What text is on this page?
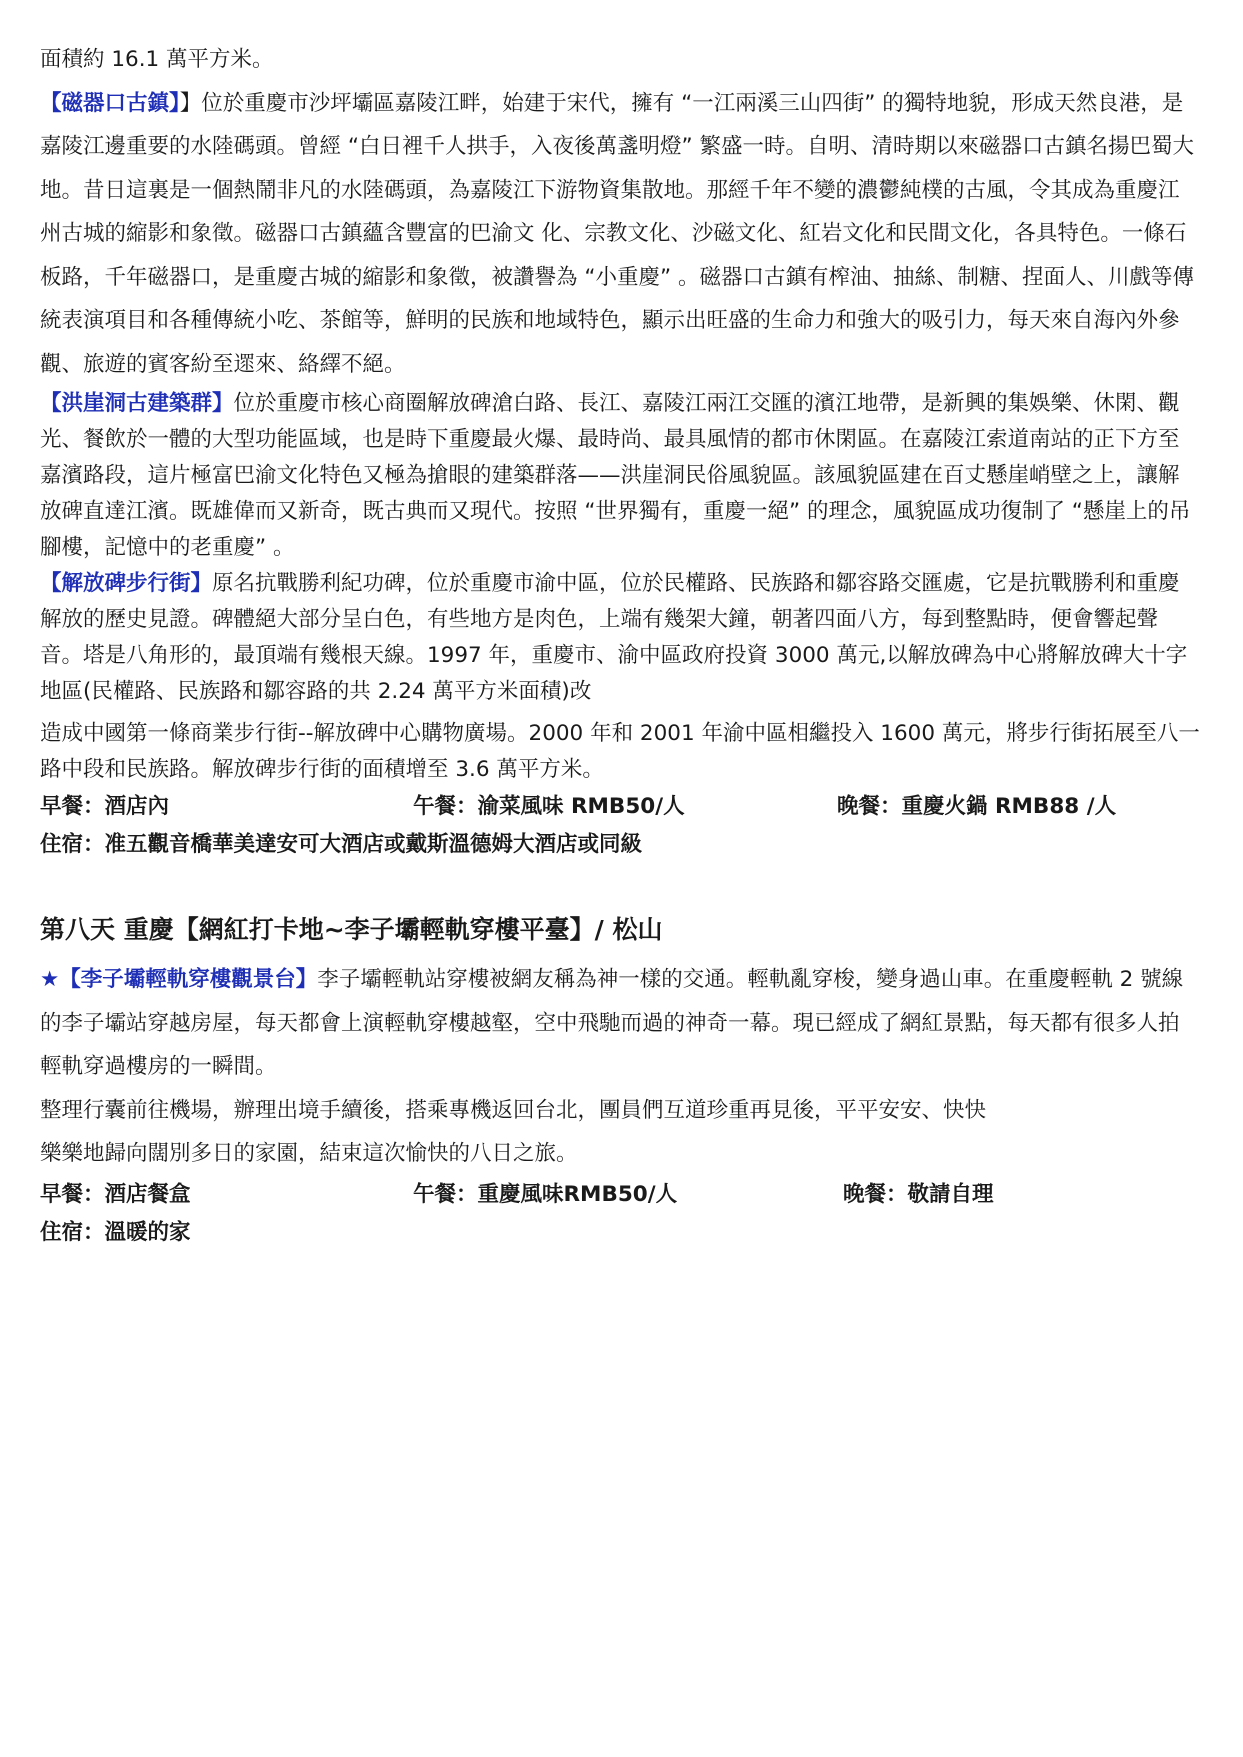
面積約 16.1 萬平方米。

【磁器口古鎮】】位於重慶市沙坪壩區嘉陵江畔，始建于宋代，擁有 “一江兩溪三山四街” 的獨特地貌，形成天然良港，是嘉陵江邊重要的水陸碼頭。曾經 “白日裡千人拱手，入夜後萬盞明燈” 繁盛一時。自明、清時期以來磁器口古鎮名揚巴蜀大地。昔日這裏是一個熱鬧非凡的水陸碼頭，為嘉陵江下游物資集散地。那經千年不變的濃鬱純樸的古風，令其成為重慶江州古城的縮影和象徵。磁器口古鎮蘊含豐富的巴渝文 化、宗教文化、沙磁文化、紅岩文化和民間文化，各具特色。一條石板路，千年磁器口，是重慶古城的縮影和象徵，被讚譽為 “小重慶” 。磁器口古鎮有榨油、抽絲、制糖、捏面人、川戲等傳統表演項目和各種傳統小吃、茶館等，鮮明的民族和地域特色，顯示出旺盛的生命力和強大的吸引力，每天來自海內外參觀、旅遊的賓客紛至遝來、絡繹不絕。

【洪崖洞古建築群】位於重慶市核心商圈解放碑滄白路、長江、嘉陵江兩江交匯的濱江地帶，是新興的集娛樂、休閑、觀光、餐飲於一體的大型功能區域，也是時下重慶最火爆、最時尚、最具風情的都市休閑區。在嘉陵江索道南站的正下方至嘉濱路段，這片極富巴渝文化特色又極為搶眼的建築群落——洪崖洞民俗風貌區。該風貌區建在百丈懸崖峭壁之上，讓解放碑直達江濱。既雄偉而又新奇，既古典而又現代。按照 “世界獨有，重慶一絕” 的理念，風貌區成功復制了 “懸崖上的吊腳樓，記憶中的老重慶” 。

【解放碑步行街】原名抗戰勝利紀功碑，位於重慶市渝中區，位於民權路、民族路和鄒容路交匯處，它是抗戰勝利和重慶解放的歷史見證。碑體絕大部分呈白色，有些地方是肉色，上端有幾架大鐘，朝著四面八方，每到整點時，便會響起聲音。塔是八角形的，最頂端有幾根天線。1997 年，重慶市、渝中區政府投資 3000 萬元,以解放碑為中心將解放碑大十字地區(民權路、民族路和鄒容路的共 2.24 萬平方米面積)改

造成中國第一條商業步行街--解放碑中心購物廣場。2000 年和 2001 年渝中區相繼投入 1600 萬元，將步行街拓展至八一路中段和民族路。解放碑步行街的面積增至 3.6 萬平方米。

早餐：酒店內	午餐：渝菜風味 RMB50/人	晚餐：重慶火鍋 RMB88 /人
住宿：准五觀音橋華美達安可大酒店或戴斯溫德姆大酒店或同級
第八天 重慶【網紅打卡地~李子壩輕軌穿樓平臺】/ 松山

★【李子壩輕軌穿樓觀景台】李子壩輕軌站穿樓被網友稱為神一樣的交通。輕軌亂穿梭，變身過山車。在重慶輕軌 2 號線的李子壩站穿越房屋，每天都會上演輕軌穿樓越壑，空中飛馳而過的神奇一幕。現已經成了網紅景點，每天都有很多人拍輕軌穿過樓房的一瞬間。

整理行囊前往機場，辦理出境手續後，搭乘專機返回台北，團員們互道珍重再見後，平平安安、快快
樂樂地歸向闊別多日的家園，結束這次愉快的八日之旅。

早餐：酒店餐盒	午餐：重慶風味RMB50/人	晚餐：敬請自理
住宿：溫暖的家
